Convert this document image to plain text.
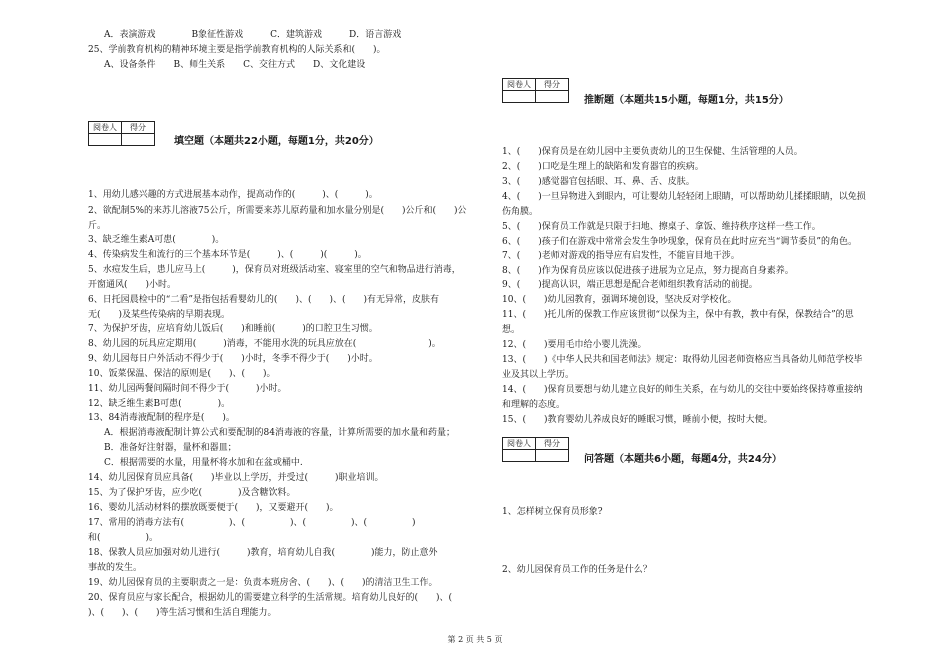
A．表演游戏　　　　B象征性游戏　　　C．建筑游戏　　　D．语言游戏
25、学前教育机构的精神环境主要是指学前教育机构的人际关系和(　　)。
A、设备条件　　B、师生关系　　C、交往方式　　D、文化建设
阅卷人	得分

填空题（本题共22小题，每题1分，共20分）
1、用幼儿感兴趣的方式进展基本动作，提高动作的(　　　)、(　　　)。
2、欲配制5%的来苏儿溶液75公斤，所需要来苏儿原药量和加水量分别是(　　)公斤和(　　)公
斤。
3、缺乏维生素A可患(　　　　)。
4、传染病发生和流行的三个基本环节是(　　　)、(　　　)(　　　)。
5、水痘发生后，患儿应马上(　　　)，保育员对班级活动室、寝室里的空气和物品进行消毒，
开窗通风(　　)小时。
6、日托园晨检中的“二看”是指包括看婴幼儿的(　　)、(　　)、(　　)有无异常，皮肤有
无(　　)及某些传染病的早期表现。
7、为保护牙齿，应培育幼儿饭后(　　)和睡前(　　　)的口腔卫生习惯。
8、幼儿园的玩具应定期用(　　　)消毒，不能用水洗的玩具应放在(　　　　　　　　)。
9、幼儿园每日户外活动不得少于(　　)小时，冬季不得少于(　　)小时。
10、饭菜保温、保洁的原则是(　　)、(　　)。
11、幼儿园两餐间隔时间不得少于(　　　)小时。
12、缺乏维生素B可患(　　　　)。
13、84消毒液配制的程序是(　　)。
A．根据消毒液配制计算公式和要配制的84消毒液的容量，计算所需要的加水量和药量；
B．准备好注射器，量杯和器皿；
C．根据需要的水量，用量杯将水加和在盆或桶中.
14、幼儿园保育员应具备(　　)毕业以上学历，并受过(　　　)职业培训。
15、为了保护牙齿，应少吃(　　　　)及含糖饮料。
16、婴幼儿活动材料的摆放既要便于(　　)，又要避开(　　)。
17、常用的消毒方法有(　　　　　)、(　　　　　)、(　　　　　)、(　　　　　)
和(　　　　　)。
18、保教人员应加强对幼儿进行(　　　)教育，培育幼儿自我(　　　　)能力，防止意外
事故的发生。
19、幼儿园保育员的主要职责之一是：负责本班房舍、(　　)、(　　)的清洁卫生工作。
20、保育员应与家长配合，根据幼儿的需要建立科学的生活常规。培育幼儿良好的(　　)、(　　
)、(　　)、(　　)等生活习惯和生活自理能力。
阅卷人	得分

推断题（本题共15小题，每题1分，共15分）
1、(　　)保育员是在幼儿园中主要负责幼儿的卫生保健、生活管理的人员。
2、(　　)口吃是生理上的缺陷和发育器官的疾病。
3、(　　)感觉器官包括眼、耳、鼻、舌、皮肤。
4、(　　)一旦异物进入到眼内，可让婴幼儿轻轻闭上眼睛，可以帮助幼儿揉揉眼睛，以免损
伤角膜。
5、(　　)保育员工作就是只限于扫地、擦桌子、拿饭、维持秩序这样一些工作。
6、(　　)孩子们在游戏中常常会发生争吵现象，保育员在此时应充当“调节委员”的角色。
7、(　　)老师对游戏的指导应有启发性，不能盲目地干涉。
8、(　　)作为保育员应该以促进孩子进展为立足点，努力提高自身素养。
9、(　　)提高认识，端正思想是配合老师组织教育活动的前提。
10、(　　)幼儿园教育，强调环境创设，坚决反对学校化。
11、(　　)托儿所的保教工作应该贯彻“以保为主，保中有教，教中有保，保教结合”的思
想。
12、(　　)要用毛巾给小婴儿洗澡。
13、(　　)《中华人民共和国老师法》规定：取得幼儿园老师资格应当具备幼儿师范学校毕
业及其以上学历。
14、(　　)保育员要想与幼儿建立良好的师生关系，在与幼儿的交往中要始终保持尊重接纳
和理解的态度。
15、(　　)教育婴幼儿养成良好的睡眠习惯，睡前小便，按时大便。
阅卷人	得分

问答题（本题共6小题，每题4分，共24分）
1、怎样树立保育员形象?
2、幼儿园保育员工作的任务是什么？
第 2 页 共 5 页
